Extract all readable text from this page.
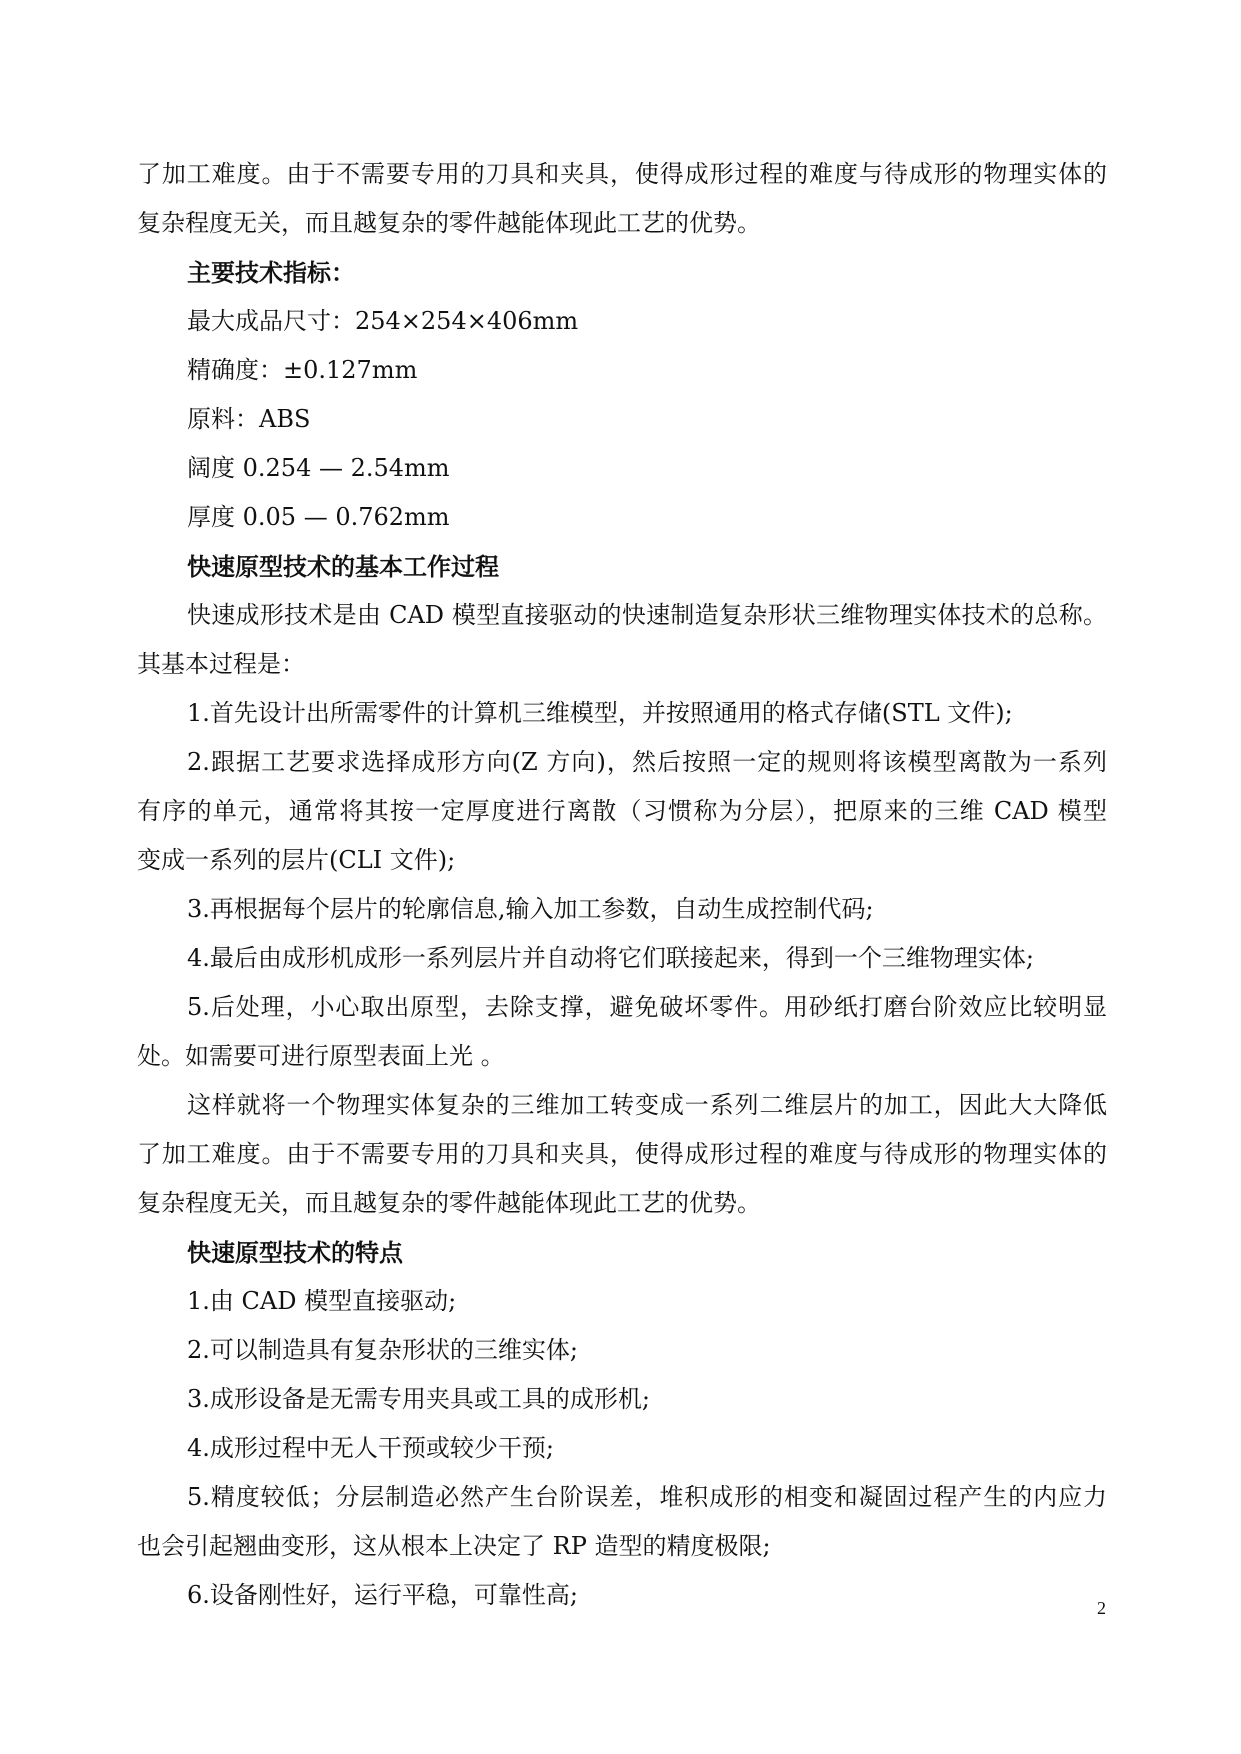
了加工难度。由于不需要专用的刀具和夹具，使得成形过程的难度与待成形的物理实体的
复杂程度无关，而且越复杂的零件越能体现此工艺的优势。
主要技术指标：
最大成品尺寸：254×254×406mm
精确度：±0.127mm
原料：ABS
阔度 0.254 — 2.54mm
厚度 0.05 — 0.762mm
快速原型技术的基本工作过程
快速成形技术是由 CAD 模型直接驱动的快速制造复杂形状三维物理实体技术的总称。
其基本过程是：
1.首先设计出所需零件的计算机三维模型，并按照通用的格式存储(STL 文件);
2.跟据工艺要求选择成形方向(Z 方向)，然后按照一定的规则将该模型离散为一系列
有序的单元，通常将其按一定厚度进行离散（习惯称为分层），把原来的三维 CAD 模型
变成一系列的层片(CLI 文件);
3.再根据每个层片的轮廓信息,输入加工参数，自动生成控制代码;
4.最后由成形机成形一系列层片并自动将它们联接起来，得到一个三维物理实体;
5.后处理，小心取出原型，去除支撑，避免破坏零件。用砂纸打磨台阶效应比较明显
处。如需要可进行原型表面上光 。
这样就将一个物理实体复杂的三维加工转变成一系列二维层片的加工，因此大大降低
了加工难度。由于不需要专用的刀具和夹具，使得成形过程的难度与待成形的物理实体的
复杂程度无关，而且越复杂的零件越能体现此工艺的优势。
快速原型技术的特点
1.由 CAD 模型直接驱动;
2.可以制造具有复杂形状的三维实体;
3.成形设备是无需专用夹具或工具的成形机;
4.成形过程中无人干预或较少干预;
5.精度较低；分层制造必然产生台阶误差，堆积成形的相变和凝固过程产生的内应力
也会引起翘曲变形，这从根本上决定了 RP 造型的精度极限;
6.设备刚性好，运行平稳，可靠性高;	2
